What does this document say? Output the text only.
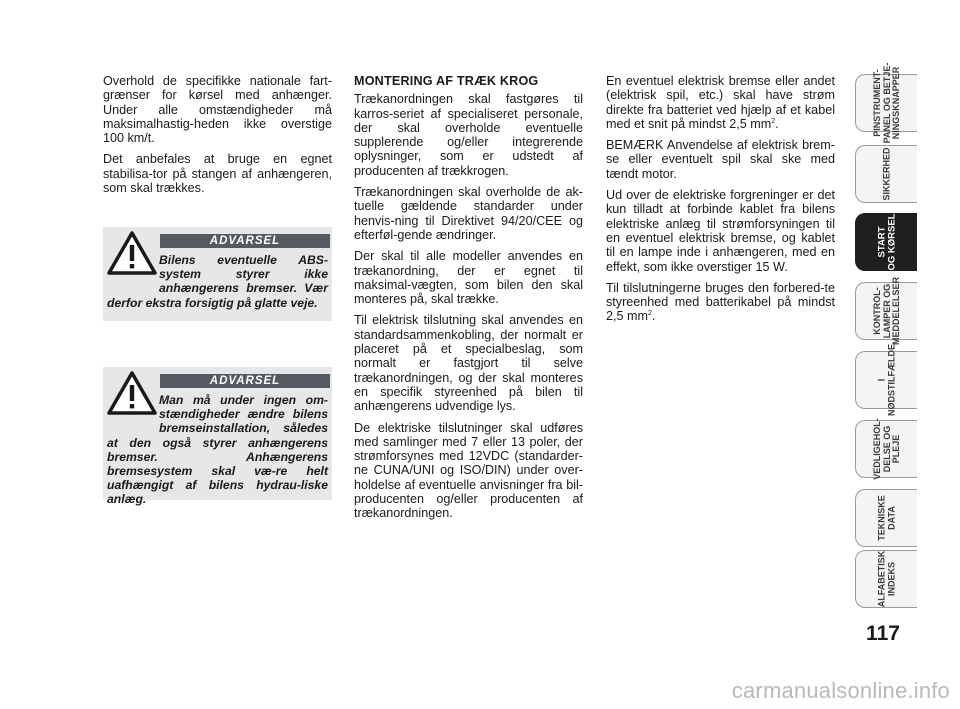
Overhold de specifikke nationale fart-grænser for kørsel med anhænger. Under alle omstændigheder må maksimalhastig-heden ikke overstige 100 km/t.

Det anbefales at bruge en egnet stabilisa-tor på stangen af anhængeren, som skal trækkes.

ADVARSEL
Bilens eventuelle ABS-system styrer ikke anhængerens bremser. Vær derfor ekstra forsigtig på glatte veje.
ADVARSEL
Man må under ingen om-stændigheder ændre bilens bremseinstallation, således at den også styrer anhængerens bremser. Anhængerens bremsesystem skal væ-re helt uafhængigt af bilens hydrau-liske anlæg.

MONTERING AF TRÆK KROG

Trækanordningen skal fastgøres til karros-seriet af specialiseret personale, der skal overholde eventuelle supplerende og/eller integrerende oplysninger, som er udstedt af producenten af trækkrogen.

Trækanordningen skal overholde de ak-tuelle gældende standarder under henvis-ning til Direktivet 94/20/CEE og efterføl-gende ændringer.

Der skal til alle modeller anvendes en trækanordning, der er egnet til maksimal-vægten, som bilen den skal monteres på, skal trække.

Til elektrisk tilslutning skal anvendes en standardsammenkobling, der normalt er placeret på et specialbeslag, som normalt er fastgjort til selve trækanordningen, og der skal monteres en specifik styreenhed på bilen til anhængerens udvendige lys.

De elektriske tilslutninger skal udføres med samlinger med 7 eller 13 poler, der strømforsynes med 12VDC (standarder-ne CUNA/UNI og ISO/DIN) under over-holdelse af eventuelle anvisninger fra bil-producenten og/eller producenten af trækanordningen.

En eventuel elektrisk bremse eller andet (elektrisk spil, etc.) skal have strøm direkte fra batteriet ved hjælp af et kabel med et snit på mindst 2,5 $mm^2$.

BEMÆRK Anvendelse af elektrisk brem-se eller eventuelt spil skal ske med tændt motor.

Ud over de elektriske forgreninger er det kun tilladt at forbinde kablet fra bilens elektriske anlæg til strømforsyningen til en eventuel elektrisk bremse, og kablet til en lampe inde i anhængeren, med en effekt, som ikke overstiger 15 W.

Til tilslutningerne bruges den forbered-te styreenhed med batterikabel på mindst 2,5 $mm^2$.

PINSTRUMENT-
PANEL OG BETJE-
NINGSKNAPPER
SIKKERHED
START
OG KØRSEL
KONTROL-
LAMPER OG
MEDDELELSER
I
NØDSTILFÆLDE
VEDLIGEHOL-
DELSE OG
PLEJE
TEKNISKE
DATA
ALFABETISK
INDEKS
117
carmanualsonline.info
